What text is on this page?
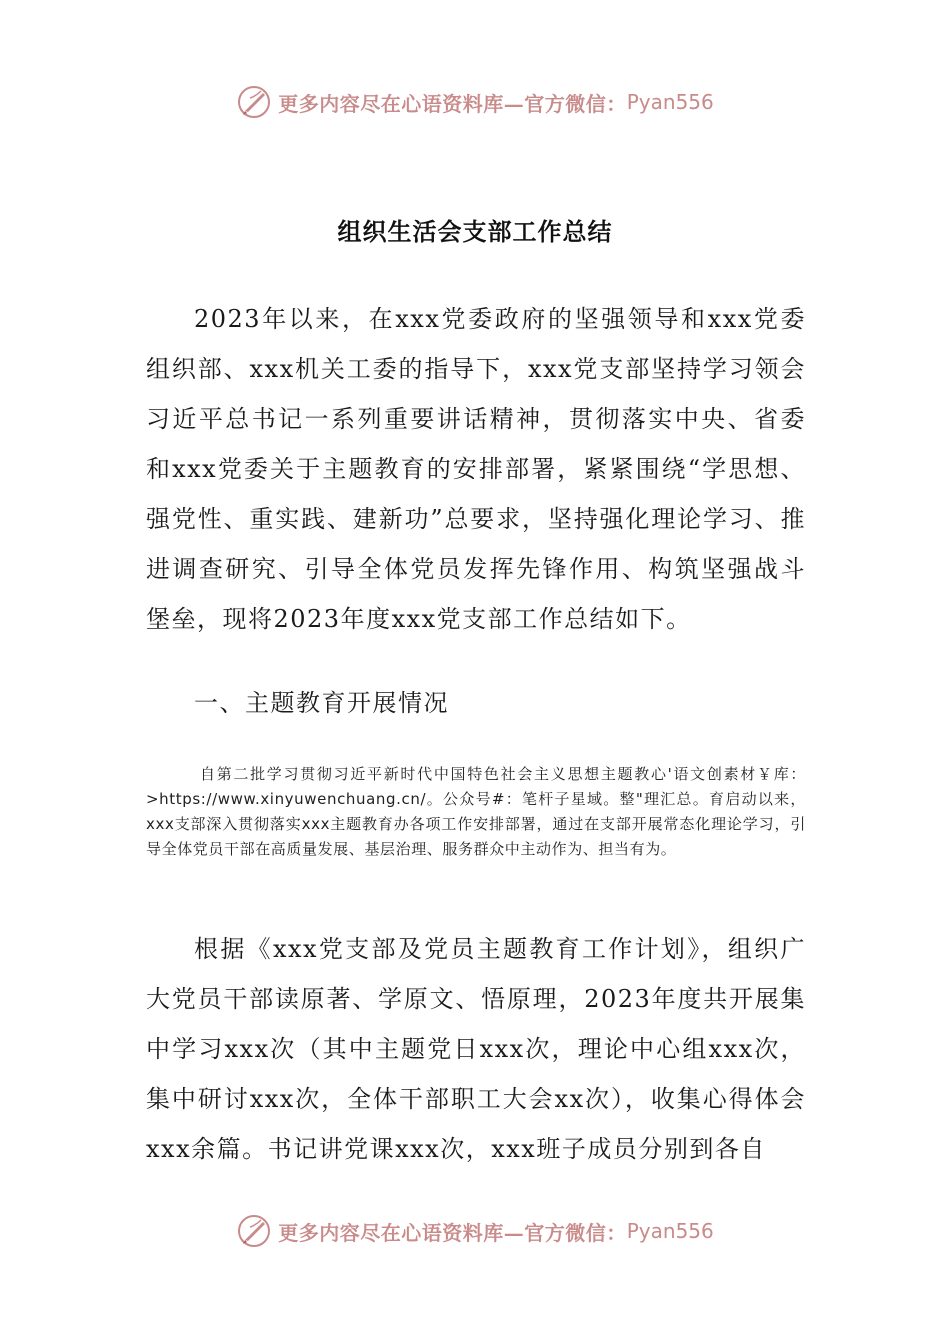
更多内容尽在心语资料库—官方微信： Pyan556
组织生活会支部工作总结
2023年以来，在xxx党委政府的坚强领导和xxx党委组织部、xxx机关工委的指导下，xxx党支部坚持学习领会习近平总书记一系列重要讲话精神，贯彻落实中央、省委和xxx党委关于主题教育的安排部署，紧紧围绕“学思想、强党性、重实践、建新功”总要求，坚持强化理论学习、推进调查研究、引导全体党员发挥先锋作用、构筑坚强战斗堡垒，现将2023年度xxx党支部工作总结如下。
一、主题教育开展情况
自第二批学习贯彻习近平新时代中国特色社会主义思想主题教心'语文创素材￥库：>https://www.xinyuwenchuang.cn/。公众号#：笔杆子星域。整"理汇总。育启动以来，xxx支部深入贯彻落实xxx主题教育办各项工作安排部署，通过在支部开展常态化理论学习，引导全体党员干部在高质量发展、基层治理、服务群众中主动作为、担当有为。
根据《xxx党支部及党员主题教育工作计划》，组织广大党员干部读原著、学原文、悟原理，2023年度共开展集中学习xxx次（其中主题党日xxx次，理论中心组xxx次，集中研讨xxx次，全体干部职工大会xx次），收集心得体会xxx余篇。书记讲党课xxx次，xxx班子成员分别到各自
更多内容尽在心语资料库—官方微信： Pyan556
